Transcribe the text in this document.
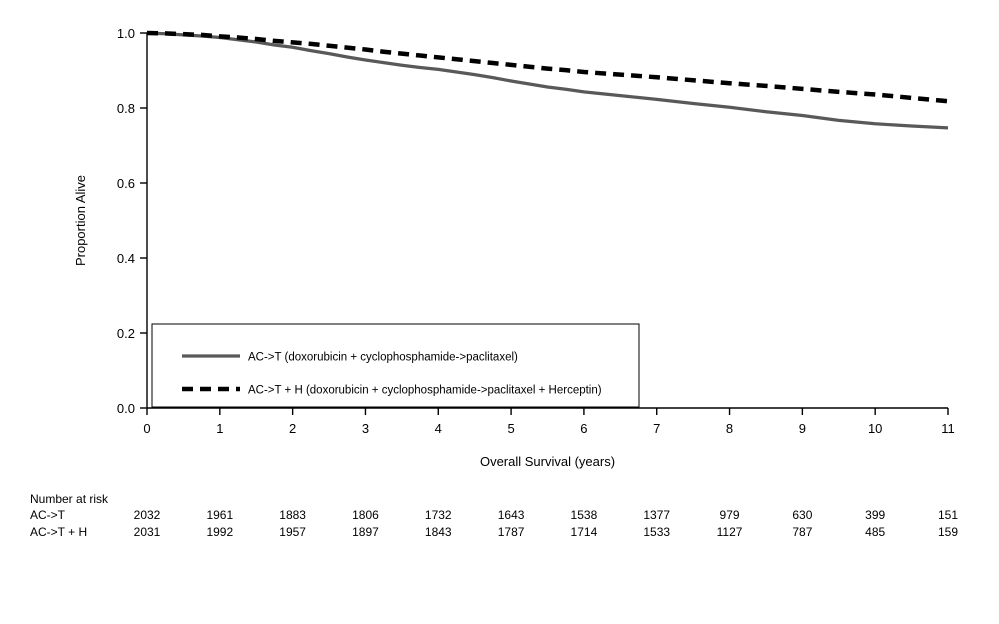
0	1	2	3	4	5	6	7	8	9	10	11
0.0
0.2
0.4
0.6
0.8
1.0
Overall Survival (years)
Proportion Alive
AC->T (doxorubicin + cyclophosphamide->paclitaxel)
AC->T + H (doxorubicin + cyclophosphamide->paclitaxel + Herceptin)
Number at risk
AC->T	2032	1961	1883	1806	1732	1643	1538	1377	979	630	399	151
AC->T + H	2031	1992	1957	1897	1843	1787	1714	1533	1127	787	485	159
